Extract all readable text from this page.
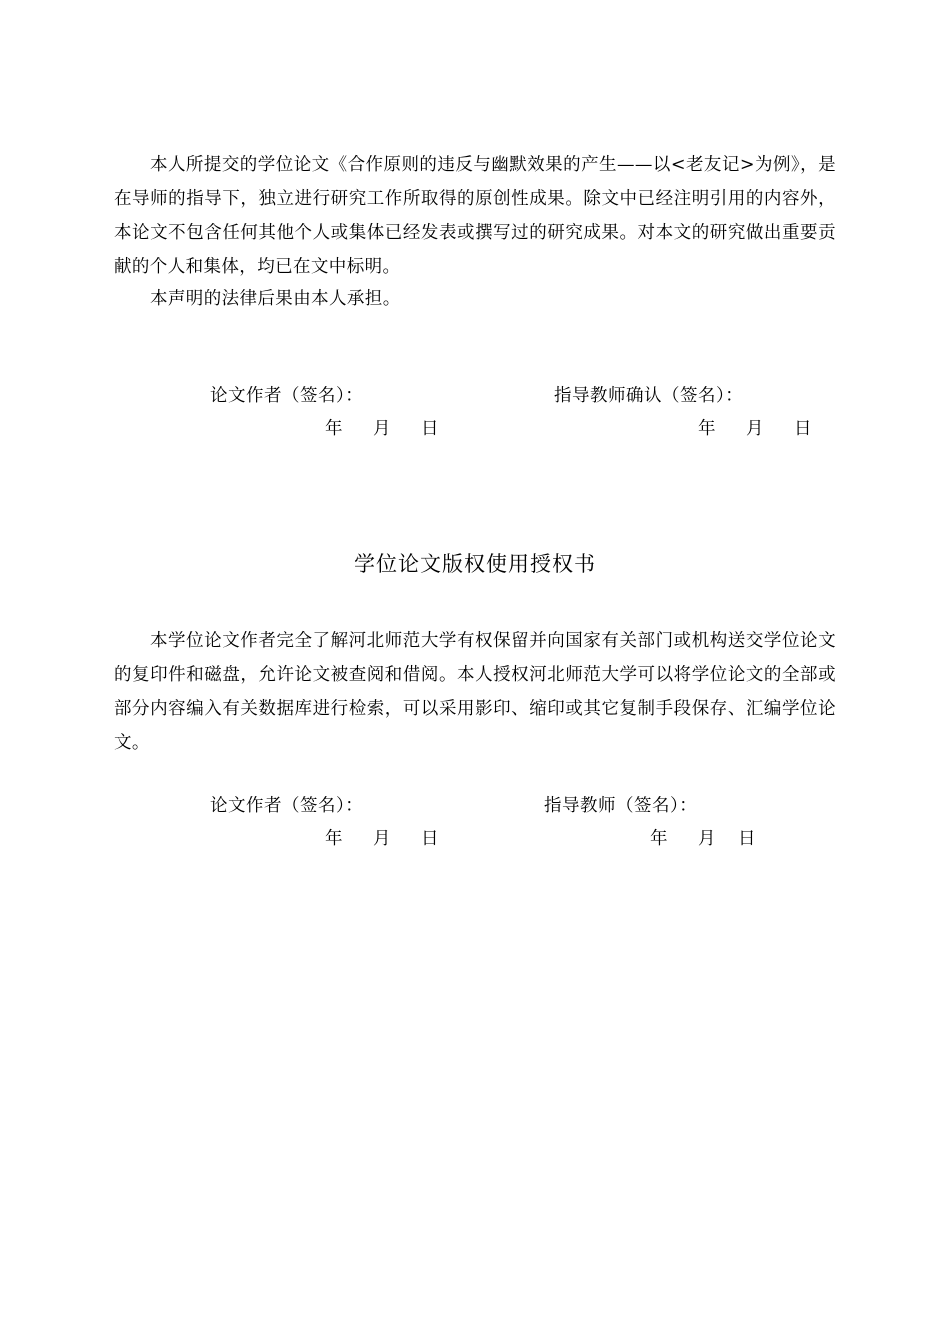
本人所提交的学位论文《合作原则的违反与幽默效果的产生——以<老友记>为例》，是在导师的指导下，独立进行研究工作所取得的原创性成果。除文中已经注明引用的内容外，本论文不包含任何其他个人或集体已经发表或撰写过的研究成果。对本文的研究做出重要贡献的个人和集体，均已在文中标明。

本声明的法律后果由本人承担。

论文作者（签名）：	指导教师确认（签名）：
年 月 日	年 月 日
学位论文版权使用授权书

本学位论文作者完全了解河北师范大学有权保留并向国家有关部门或机构送交学位论文的复印件和磁盘，允许论文被查阅和借阅。本人授权河北师范大学可以将学位论文的全部或部分内容编入有关数据库进行检索，可以采用影印、缩印或其它复制手段保存、汇编学位论文。

论文作者（签名）：	指导教师（签名）：
年 月 日	年 月 日
